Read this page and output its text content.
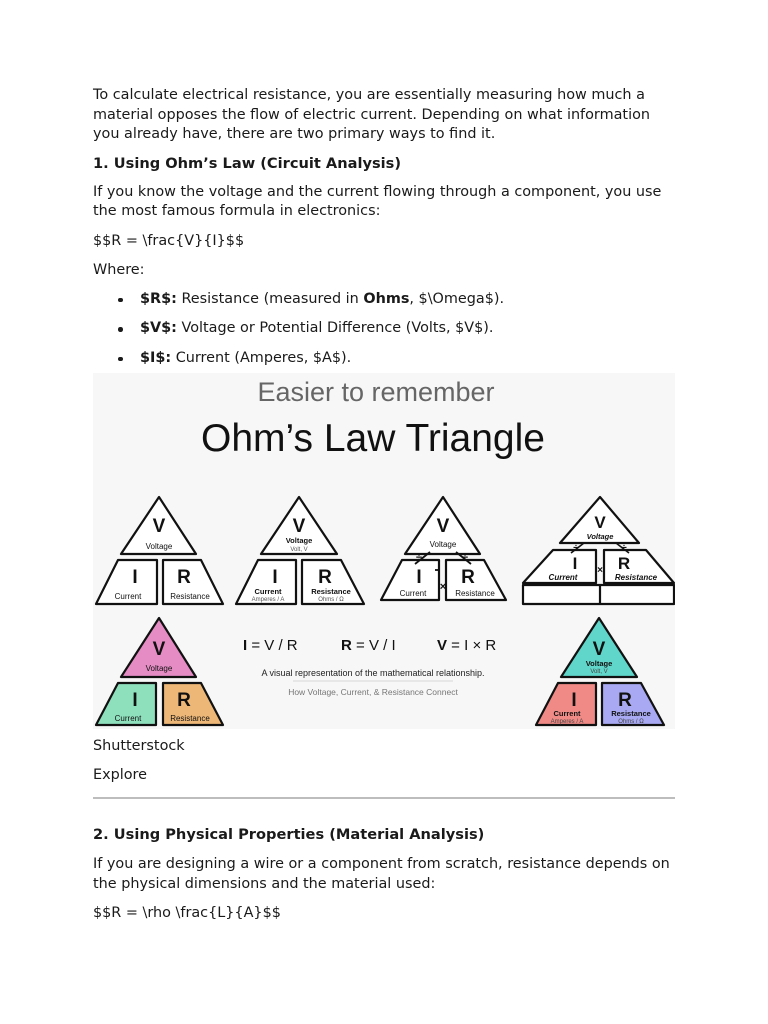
To calculate electrical resistance, you are essentially measuring how much a material opposes the flow of electric current. Depending on what information you already have, there are two primary ways to find it.

1. Using Ohm’s Law (Circuit Analysis)

If you know the voltage and the current flowing through a component, you use the most famous formula in electronics:

$$R = \frac{V}{I}$$

Where:

$R$: Resistance (measured in Ohms, $\Omega$).
$V$: Voltage or Potential Difference (Volts, $V$).
$I$: Current (Amperes, $A$).
Easier to remember
Ohm’s Law Triangle
V
Voltage
I
Current
R
Resistance
V
Voltage
Volt, V
I
Current
Amperes / A
R
Resistance
Ohms / Ω
V
Voltage
÷	÷
I
Current
× R
Resistance
V
Voltage
÷	÷
I
Current
× R
Resistance
V
Voltage
I
Current
R
Resistance
I = V / R	R = V / I	V = I × R
A visual representation of the mathematical relationship.
How Voltage, Current, & Resistance Connect
V
Voltage
Volt, V
I
Current
Amperes / A
R
Resistance
Ohms / Ω

Shutterstock

Explore

2. Using Physical Properties (Material Analysis)

If you are designing a wire or a component from scratch, resistance depends on the physical dimensions and the material used:

$$R = \rho \frac{L}{A}$$
